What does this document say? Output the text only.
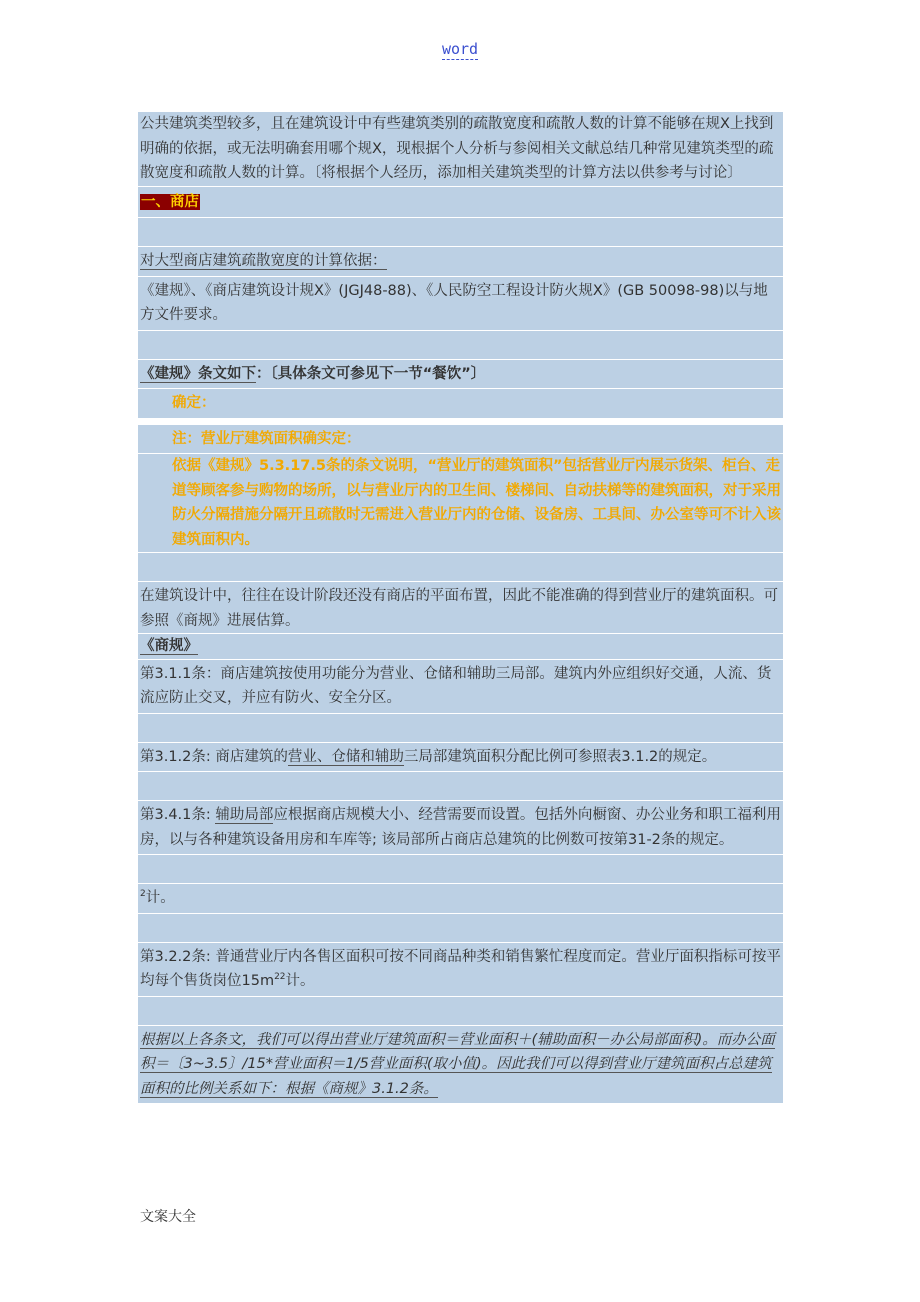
word
公共建筑类型较多，且在建筑设计中有些建筑类别的疏散宽度和疏散人数的计算不能够在规X上找到明确的依据，或无法明确套用哪个规X，现根据个人分析与参阅相关文献总结几种常见建筑类型的疏散宽度和疏散人数的计算。〔将根据个人经历，添加相关建筑类型的计算方法以供参考与讨论〕
一、商店
对大型商店建筑疏散宽度的计算依据：
《建规》、《商店建筑设计规X》(JGJ48-88)、《人民防空工程设计防火规X》(GB 50098-98)以与地方文件要求。
《建规》条文如下：〔具体条文可参见下一节“餐饮”〕
确定：
注：营业厅建筑面积确实定：
依据《建规》5.3.17.5条的条文说明，“营业厅的建筑面积”包括营业厅内展示货架、柜台、走道等顾客参与购物的场所，以与营业厅内的卫生间、楼梯间、自动扶梯等的建筑面积，对于采用防火分隔措施分隔开且疏散时无需进入营业厅内的仓储、设备房、工具间、办公室等可不计入该建筑面积内。
在建筑设计中，往往在设计阶段还没有商店的平面布置，因此不能准确的得到营业厅的建筑面积。可参照《商规》进展估算。
《商规》
第3.1.1条：商店建筑按使用功能分为营业、仓储和辅助三局部。建筑内外应组织好交通，人流、货流应防止交叉，并应有防火、安全分区。
第3.1.2条: 商店建筑的营业、仓储和辅助三局部建筑面积分配比例可参照表3.1.2的规定。
第3.4.1条: 辅助局部应根据商店规模大小、经营需要而设置。包括外向橱窗、办公业务和职工福利用房，以与各种建筑设备用房和车库等; 该局部所占商店总建筑的比例数可按第31-2条的规定。
$^2$计。
第3.2.2条: 普通营业厅内各售区面积可按不同商品种类和销售繁忙程度而定。营业厅面积指标可按平均每个售货岗位$15m^{22}$计。
根据以上各条文，我们可以得出营业厅建筑面积＝营业面积＋(辅助面积－办公局部面积)。而办公面积＝〔3~3.5〕/15*营业面积＝1/5营业面积(取小值)。因此我们可以得到营业厅建筑面积占总建筑面积的比例关系如下：根据《商规》3.1.2条。
文案大全
